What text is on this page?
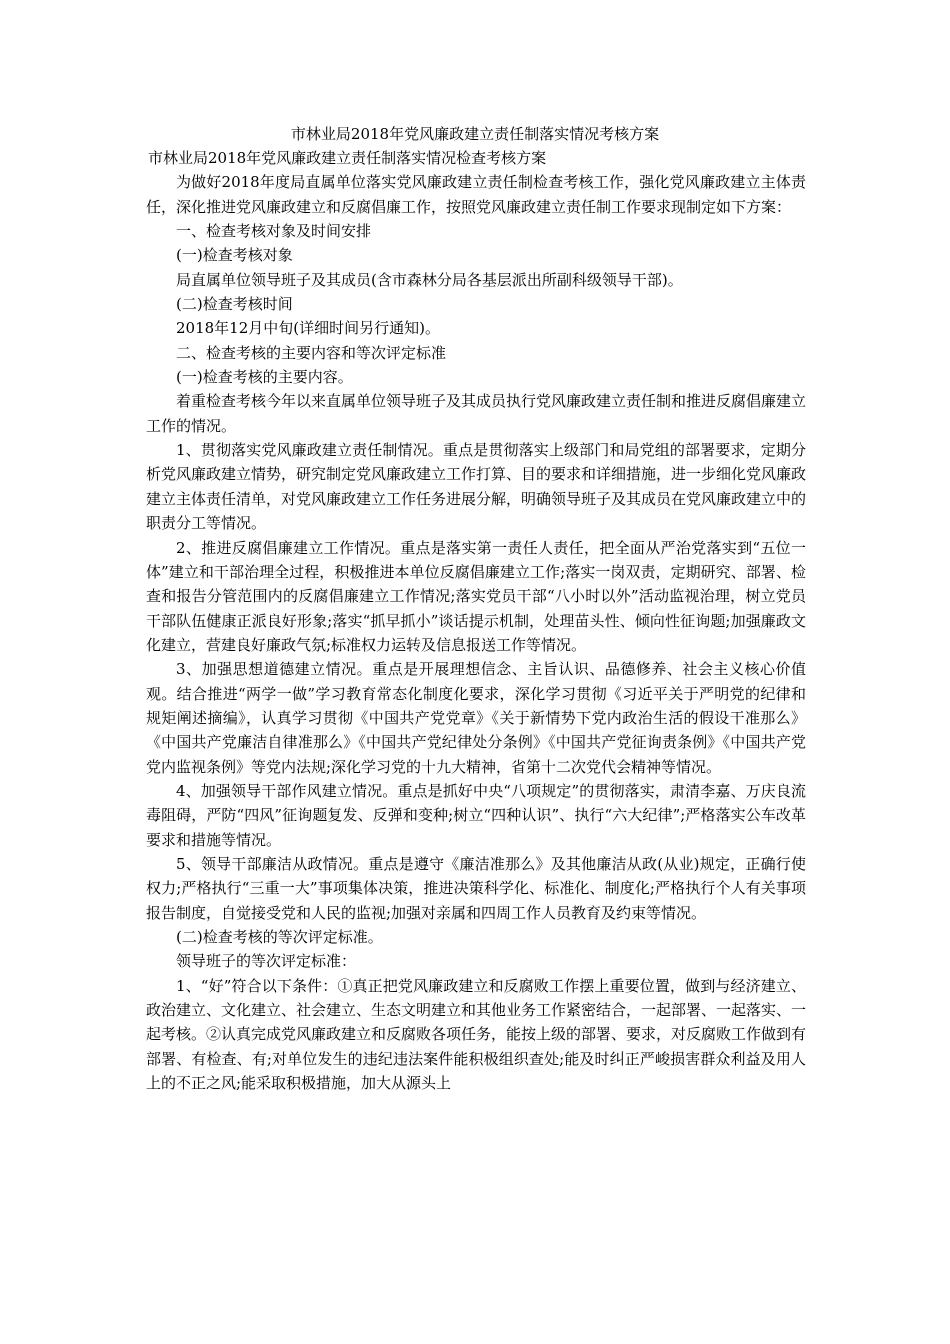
市林业局2018年党风廉政建立责任制落实情况考核方案

市林业局2018年党风廉政建立责任制落实情况检查考核方案

为做好2018年度局直属单位落实党风廉政建立责任制检查考核工作，强化党风廉政建立主体责任，深化推进党风廉政建立和反腐倡廉工作，按照党风廉政建立责任制工作要求现制定如下方案：

一、检查考核对象及时间安排

(一)检查考核对象

局直属单位领导班子及其成员(含市森林分局各基层派出所副科级领导干部)。

(二)检查考核时间

2018年12月中旬(详细时间另行通知)。

二、检查考核的主要内容和等次评定标准

(一)检查考核的主要内容。

着重检查考核今年以来直属单位领导班子及其成员执行党风廉政建立责任制和推进反腐倡廉建立工作的情况。

1、贯彻落实党风廉政建立责任制情况。重点是贯彻落实上级部门和局党组的部署要求，定期分析党风廉政建立情势，研究制定党风廉政建立工作打算、目的要求和详细措施，进一步细化党风廉政建立主体责任清单，对党风廉政建立工作任务进展分解，明确领导班子及其成员在党风廉政建立中的职责分工等情况。

2、推进反腐倡廉建立工作情况。重点是落实第一责任人责任，把全面从严治党落实到“五位一体”建立和干部治理全过程，积极推进本单位反腐倡廉建立工作;落实一岗双责，定期研究、部署、检查和报告分管范围内的反腐倡廉建立工作情况;落实党员干部“八小时以外”活动监视治理，树立党员干部队伍健康正派良好形象;落实“抓早抓小”谈话提示机制，处理苗头性、倾向性征询题;加强廉政文化建立，营建良好廉政气氛;标准权力运转及信息报送工作等情况。

3、加强思想道德建立情况。重点是开展理想信念、主旨认识、品德修养、社会主义核心价值观。结合推进“两学一做”学习教育常态化制度化要求，深化学习贯彻《习近平关于严明党的纪律和规矩阐述摘编》，认真学习贯彻《中国共产党党章》《关于新情势下党内政治生活的假设干准那么》《中国共产党廉洁自律准那么》《中国共产党纪律处分条例》《中国共产党征询责条例》《中国共产党党内监视条例》等党内法规;深化学习党的十九大精神，省第十二次党代会精神等情况。

4、加强领导干部作风建立情况。重点是抓好中央“八项规定”的贯彻落实，肃清李嘉、万庆良流毒阻碍，严防“四风”征询题复发、反弹和变种;树立“四种认识”、执行“六大纪律”;严格落实公车改革要求和措施等情况。

5、领导干部廉洁从政情况。重点是遵守《廉洁准那么》及其他廉洁从政(从业)规定，正确行使权力;严格执行“三重一大”事项集体决策，推进决策科学化、标准化、制度化;严格执行个人有关事项报告制度，自觉接受党和人民的监视;加强对亲属和四周工作人员教育及约束等情况。

(二)检查考核的等次评定标准。

领导班子的等次评定标准：

1、“好”符合以下条件：①真正把党风廉政建立和反腐败工作摆上重要位置，做到与经济建立、政治建立、文化建立、社会建立、生态文明建立和其他业务工作紧密结合，一起部署、一起落实、一起考核。②认真完成党风廉政建立和反腐败各项任务，能按上级的部署、要求，对反腐败工作做到有部署、有检查、有;对单位发生的违纪违法案件能积极组织查处;能及时纠正严峻损害群众利益及用人上的不正之风;能采取积极措施，加大从源头上
